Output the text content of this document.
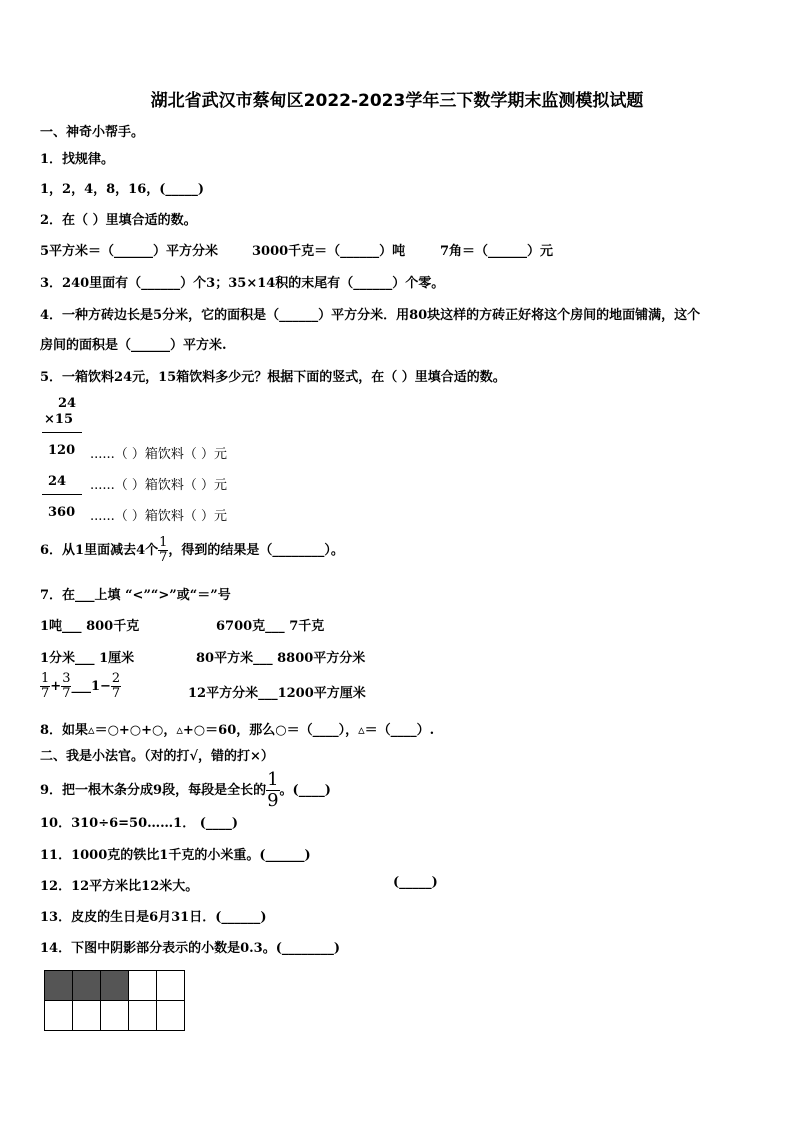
湖北省武汉市蔡甸区2022-2023学年三下数学期末监测模拟试题
一、神奇小帮手。
1．找规律。
1，2，4，8，16，(_____)
2．在（ ）里填合适的数。
5平方米＝（______）平方分米	3000千克＝（______）吨	7角＝（______）元
3．240里面有（______）个3；35×14积的末尾有（______）个零。
4．一种方砖边长是5分米，它的面积是（______）平方分米．用80块这样的方砖正好将这个房间的地面铺满，这个
房间的面积是（______）平方米.
5．一箱饮料24元，15箱饮料多少元？根据下面的竖式，在（ ）里填合适的数。
24
×15
120 ......（ ）箱饮料（ ）元
24 ......（ ）箱饮料（ ）元
360 ......（ ）箱饮料（ ）元
6．从1里面减去4个 $\frac{1}{7}$ ，得到的结果是（________）。
7．在___上填 “<”“>”或“＝”号
1吨___ 800千克	6700克___ 7千克
1分米___ 1厘米	80平方米___ 8800平方分米
$\frac{1}{7} + \frac{3}{7}$ ___1− $\frac{2}{7}$	12平方分米___1200平方厘米
8．如果▵＝○+○+○，▵+○＝60，那么○＝（____），▵＝（____）.
二、我是小法官。（对的打√，错的打×）
9．把一根木条分成9段，每段是全长的 $\frac{1}{9}$ 。(____)
10．310÷6=50……1． (____)
11．1000克的铁比1千克的小米重。(______)
12．12平方米比12米大。	(_____)
13．皮皮的生日是6月31日．(______)
14．下图中阴影部分表示的小数是0.3。(________)
